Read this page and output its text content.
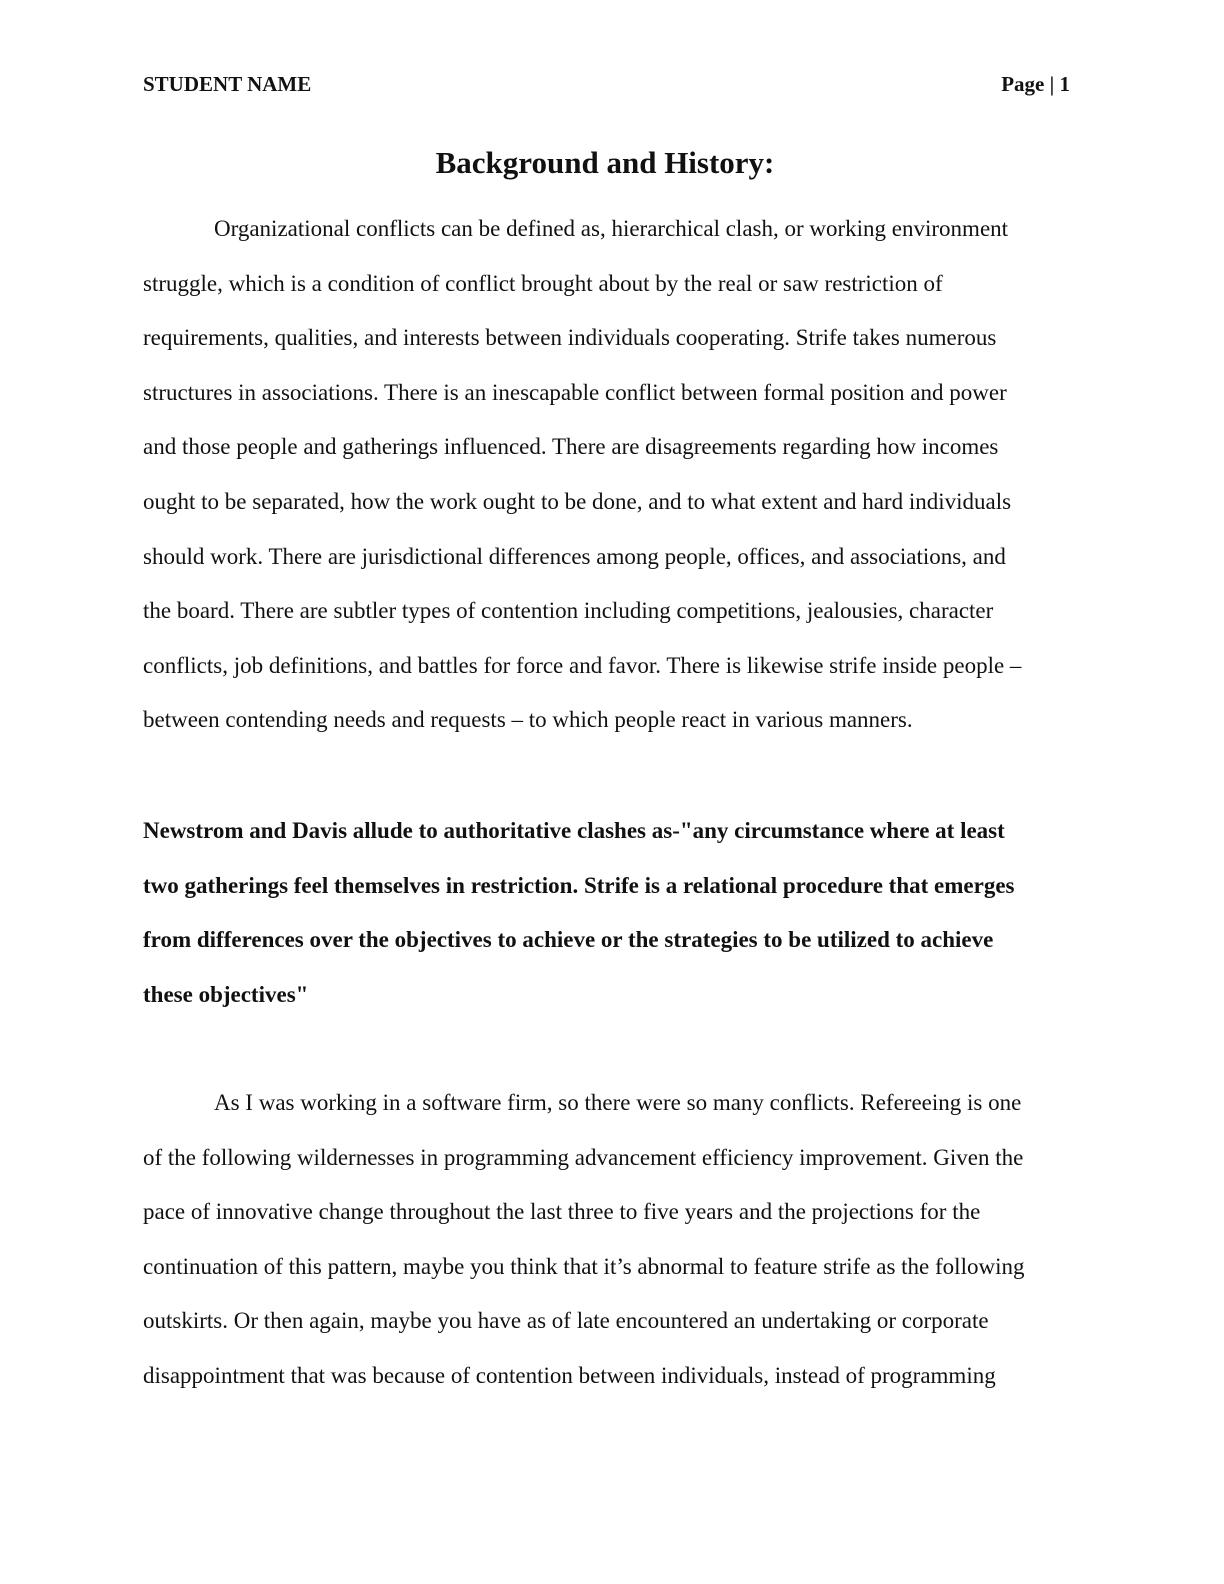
STUDENT NAME	Page | 1
Background and History:
Organizational conflicts can be defined as, hierarchical clash, or working environment
struggle, which is a condition of conflict brought about by the real or saw restriction of
requirements, qualities, and interests between individuals cooperating. Strife takes numerous
structures in associations. There is an inescapable conflict between formal position and power
and those people and gatherings influenced. There are disagreements regarding how incomes
ought to be separated, how the work ought to be done, and to what extent and hard individuals
should work. There are jurisdictional differences among people, offices, and associations, and
the board. There are subtler types of contention including competitions, jealousies, character
conflicts, job definitions, and battles for force and favor. There is likewise strife inside people –
between contending needs and requests – to which people react in various manners.
Newstrom and Davis allude to authoritative clashes as-"any circumstance where at least
two gatherings feel themselves in restriction. Strife is a relational procedure that emerges
from differences over the objectives to achieve or the strategies to be utilized to achieve
these objectives"
As I was working in a software firm, so there were so many conflicts. Refereeing is one
of the following wildernesses in programming advancement efficiency improvement. Given the
pace of innovative change throughout the last three to five years and the projections for the
continuation of this pattern, maybe you think that it’s abnormal to feature strife as the following
outskirts. Or then again, maybe you have as of late encountered an undertaking or corporate
disappointment that was because of contention between individuals, instead of programming
